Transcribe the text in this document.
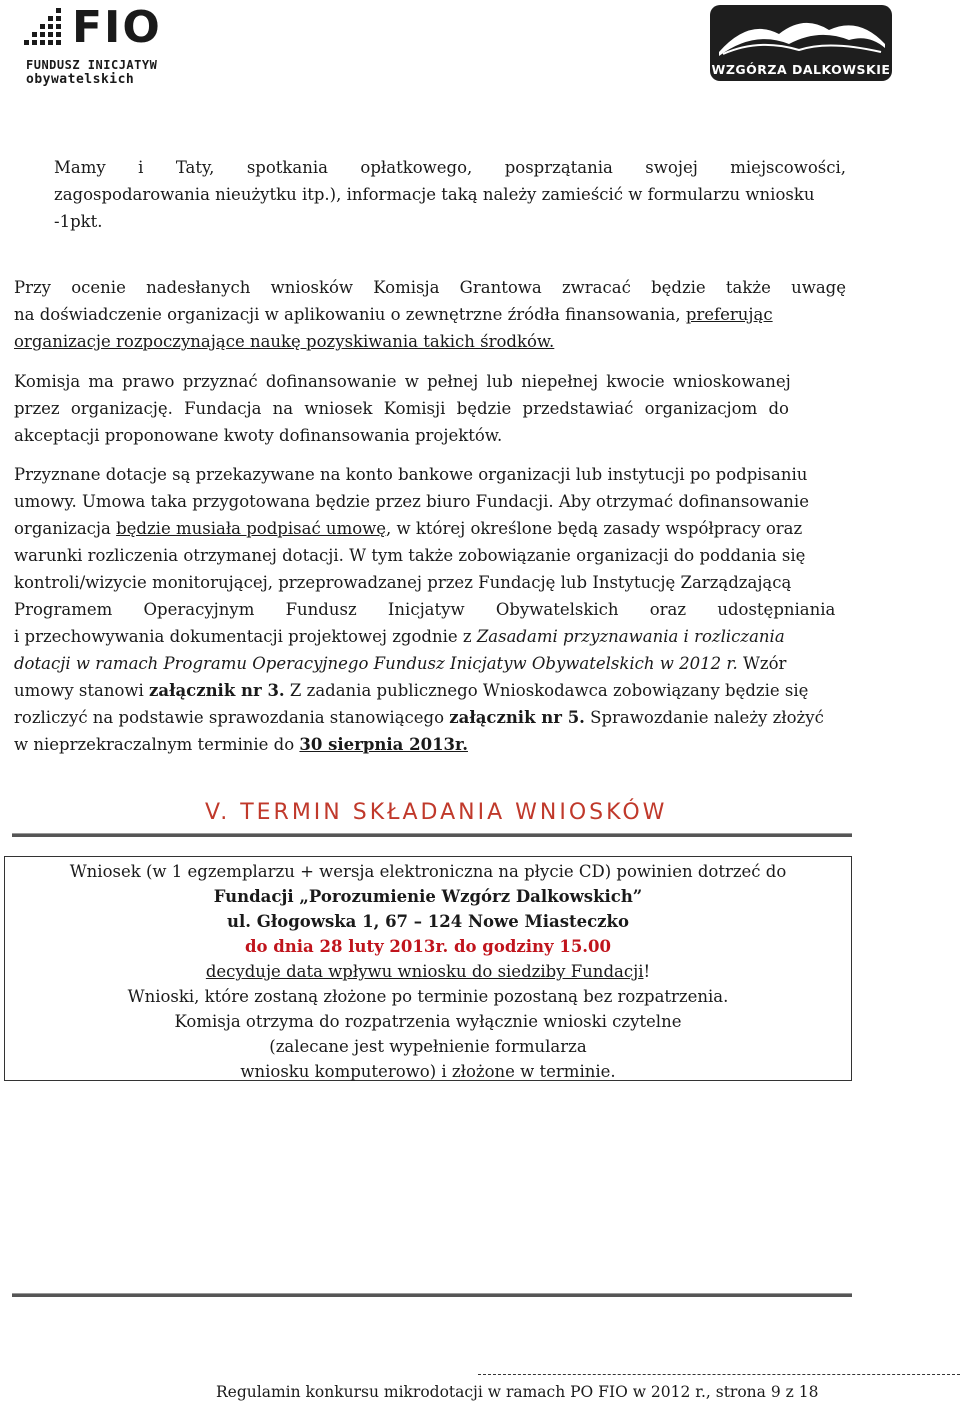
FIO
FUNDUSZ INICJATYW
obywatelskich
WZGÓRZA DALKOWSKIE
Mamy i Taty, spotkania opłatkowego, posprzątania swojej miejscowości,
zagospodarowania nieużytku itp.), informacje taką należy zamieścić w formularzu wniosku
-1pkt.
Przy ocenie nadesłanych wniosków Komisja Grantowa zwracać będzie także uwagę
na doświadczenie organizacji w aplikowaniu o zewnętrzne źródła finansowania, preferując
organizacje rozpoczynające naukę pozyskiwania takich środków.
Komisja ma prawo przyznać dofinansowanie w pełnej lub niepełnej kwocie wnioskowanej
przez organizację. Fundacja na wniosek Komisji będzie przedstawiać organizacjom do
akceptacji proponowane kwoty dofinansowania projektów.
Przyznane dotacje są przekazywane na konto bankowe organizacji lub instytucji po podpisaniu
umowy. Umowa taka przygotowana będzie przez biuro Fundacji. Aby otrzymać dofinansowanie
organizacja będzie musiała podpisać umowę, w której określone będą zasady współpracy oraz
warunki rozliczenia otrzymanej dotacji. W tym także zobowiązanie organizacji do poddania się
kontroli/wizycie monitorującej, przeprowadzanej przez Fundację lub Instytucję Zarządzającą
Programem Operacyjnym Fundusz Inicjatyw Obywatelskich oraz udostępniania
i przechowywania dokumentacji projektowej zgodnie z Zasadami przyznawania i rozliczania
dotacji w ramach Programu Operacyjnego Fundusz Inicjatyw Obywatelskich w 2012 r. Wzór
umowy stanowi załącznik nr 3. Z zadania publicznego Wnioskodawca zobowiązany będzie się
rozliczyć na podstawie sprawozdania stanowiącego załącznik nr 5. Sprawozdanie należy złożyć
w nieprzekraczalnym terminie do 30 sierpnia 2013r.
V. TERMIN SKŁADANIA WNIOSKÓW
Wniosek (w 1 egzemplarzu + wersja elektroniczna na płycie CD) powinien dotrzeć do
Fundacji „Porozumienie Wzgórz Dalkowskich”
ul. Głogowska 1, 67 – 124 Nowe Miasteczko
do dnia 28 luty 2013r. do godziny 15.00
decyduje data wpływu wniosku do siedziby Fundacji!
Wnioski, które zostaną złożone po terminie pozostaną bez rozpatrzenia.
Komisja otrzyma do rozpatrzenia wyłącznie wnioski czytelne
(zalecane jest wypełnienie formularza
wniosku komputerowo) i złożone w terminie.
Regulamin konkursu mikrodotacji w ramach PO FIO w 2012 r., strona 9 z 18
